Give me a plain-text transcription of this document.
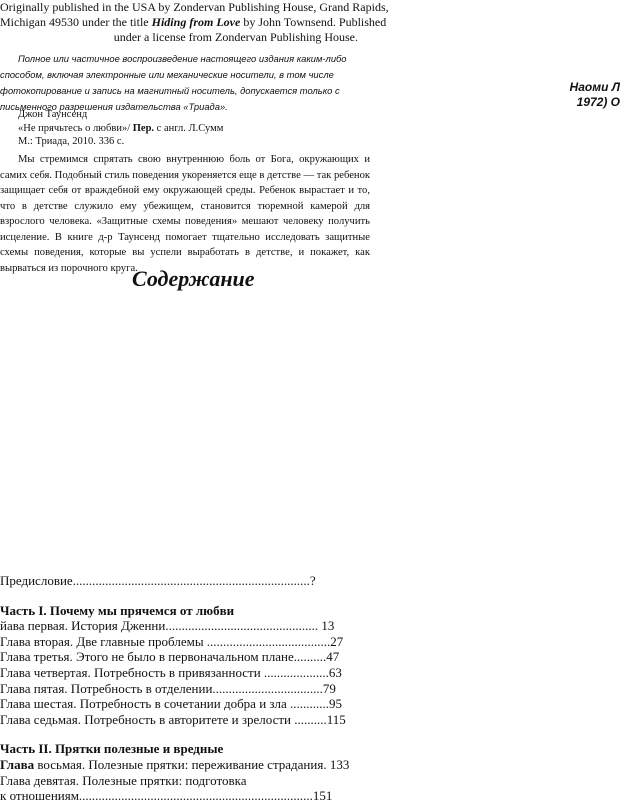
Originally published in the USA by Zondervan Publishing House, Grand Rapids,
Michigan 49530 under the title Hiding from Love by John Townsend. Published
under a license from Zondervan Publishing House.
Полное или частичное воспроизведение настоящего издания каким-либо
способом, включая электронные или механические носители, в том числе
фотокопирование и запись на магнитный носитель, допускается только с
письменного разрешения издательства «Триада».
Наоми Л
1972) О
Джон Таунсенд
«Не прячьтесь о любви»/ Пер. с англ. Л.Сумм
М.: Триада, 2010. 336 с.
Мы стремимся спрятать свою внутреннюю боль от Бога, окружающих и самих себя. Подобный стиль поведения укореняется еще в детстве — так ребенок защищает себя от враждебной ему окружающей среды. Ребенок вырастает и то, что в детстве служило ему убежищем, становится тюремной камерой для взрослого человека. «Защитные схемы поведения» мешают человеку получить исцеление. В книге д-р Таунсенд помогает тщательно исследовать защитные схемы поведения, которые вы успели выработать в детстве, и покажет, как вырваться из порочного круга.
Содержание
Предисловие.........................................................................?
Часть I. Почему мы прячемся от любви
йава первая. История Дженни............................................... 13
Глава вторая. Две главные проблемы ......................................27
Глава третья. Этого не было в первоначальном плане..........47
Глава четвертая. Потребность в привязанности ....................63
Глава пятая. Потребность в отделении..................................79
Глава шестая. Потребность в сочетании добра и зла ............95
Глава седьмая. Потребность в авторитете и зрелости ..........115
Часть II. Прятки полезные и вредные
Глава восьмая. Полезные прятки: переживание страдания. 133
Глава девятая. Полезные прятки: подготовка
к отношениям........................................................................151
